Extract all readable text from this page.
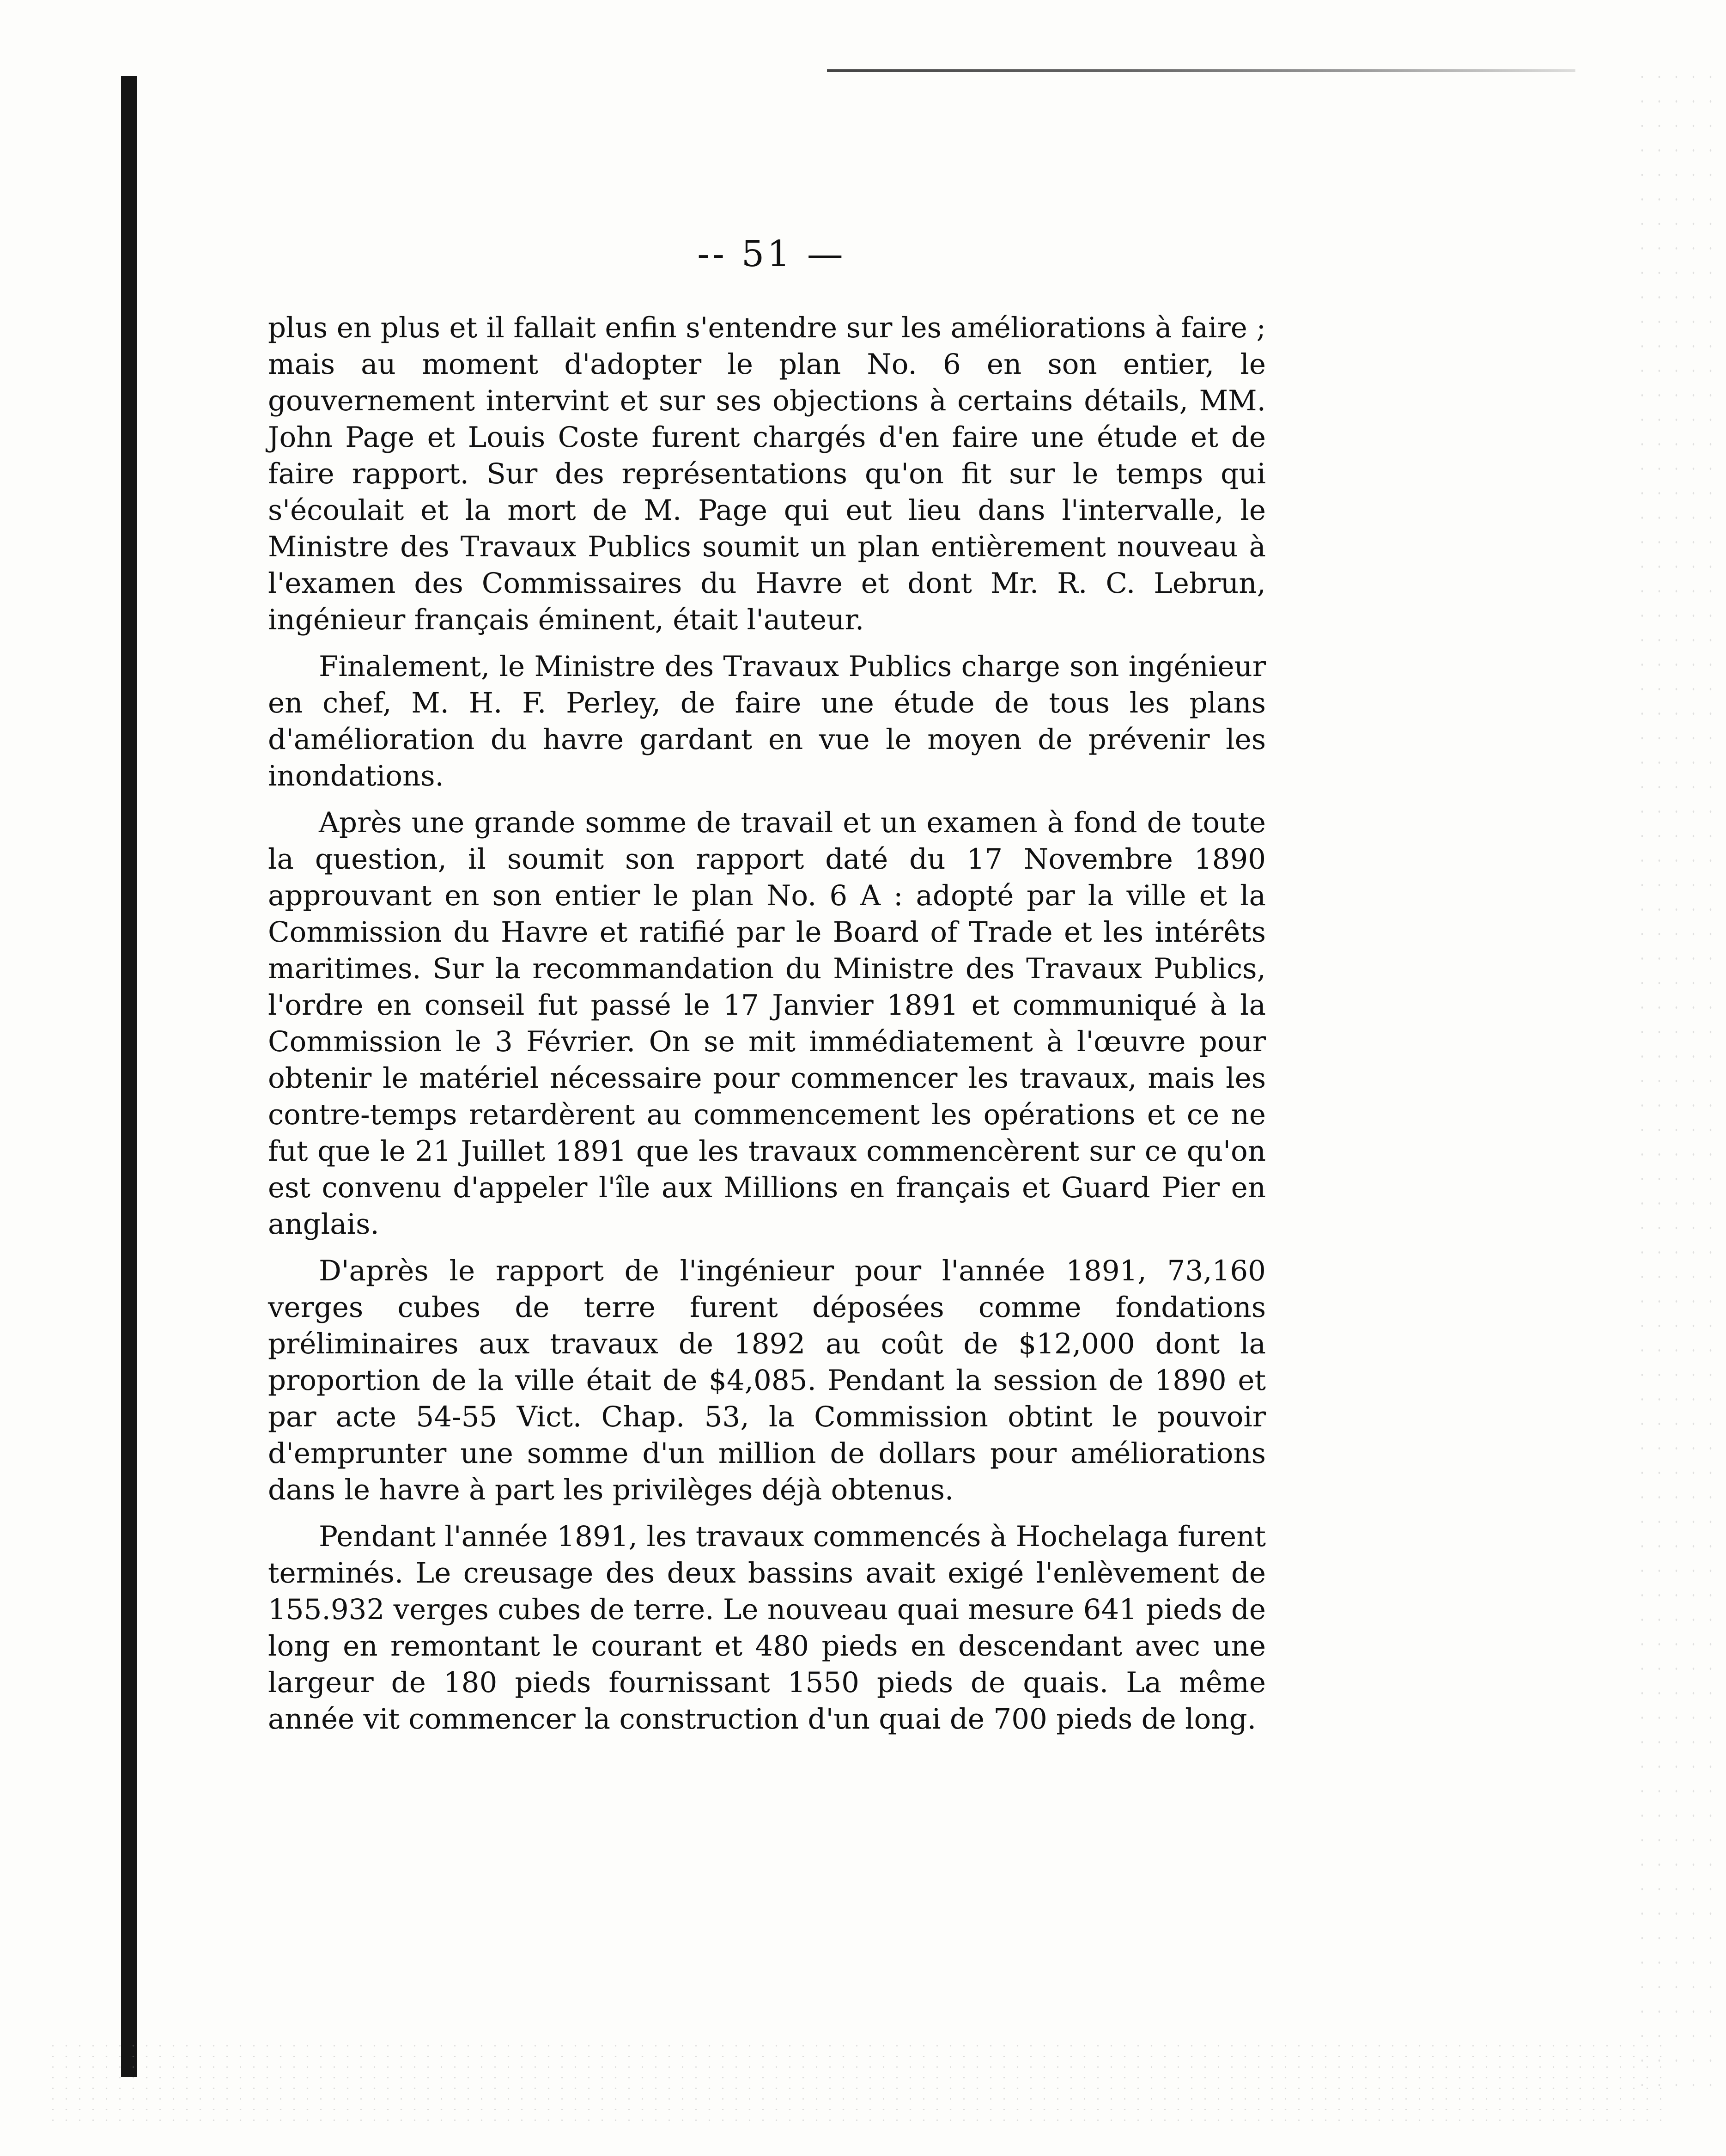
-- 51 —

plus en plus et il fallait enfin s'entendre sur les améliorations à faire ; mais au moment d'adopter le plan No. 6 en son entier, le gouvernement intervint et sur ses objections à certains détails, MM. John Page et Louis Coste furent chargés d'en faire une étude et de faire rapport. Sur des représentations qu'on fit sur le temps qui s'écoulait et la mort de M. Page qui eut lieu dans l'intervalle, le Ministre des Travaux Publics soumit un plan entièrement nouveau à l'examen des Commissaires du Havre et dont Mr. R. C. Lebrun, ingénieur français éminent, était l'auteur.

Finalement, le Ministre des Travaux Publics charge son ingénieur en chef, M. H. F. Perley, de faire une étude de tous les plans d'amélioration du havre gardant en vue le moyen de prévenir les inondations.

Après une grande somme de travail et un examen à fond de toute la question, il soumit son rapport daté du 17 Novembre 1890 approuvant en son entier le plan No. 6 A : adopté par la ville et la Commission du Havre et ratifié par le Board of Trade et les intérêts maritimes. Sur la recommandation du Ministre des Travaux Publics, l'ordre en conseil fut passé le 17 Janvier 1891 et communiqué à la Commission le 3 Février. On se mit immédiatement à l'œuvre pour obtenir le matériel nécessaire pour commencer les travaux, mais les contre-temps retardèrent au commencement les opérations et ce ne fut que le 21 Juillet 1891 que les travaux commencèrent sur ce qu'on est convenu d'appeler l'île aux Millions en français et Guard Pier en anglais.

D'après le rapport de l'ingénieur pour l'année 1891, 73,160 verges cubes de terre furent déposées comme fondations préliminaires aux travaux de 1892 au coût de $12,000 dont la proportion de la ville était de $4,085. Pendant la session de 1890 et par acte 54-55 Vict. Chap. 53, la Commission obtint le pouvoir d'emprunter une somme d'un million de dollars pour améliorations dans le havre à part les privilèges déjà obtenus.

Pendant l'année 1891, les travaux commencés à Hochelaga furent terminés. Le creusage des deux bassins avait exigé l'enlèvement de 155.932 verges cubes de terre. Le nouveau quai mesure 641 pieds de long en remontant le courant et 480 pieds en descendant avec une largeur de 180 pieds fournissant 1550 pieds de quais. La même année vit commencer la construction d'un quai de 700 pieds de long.
